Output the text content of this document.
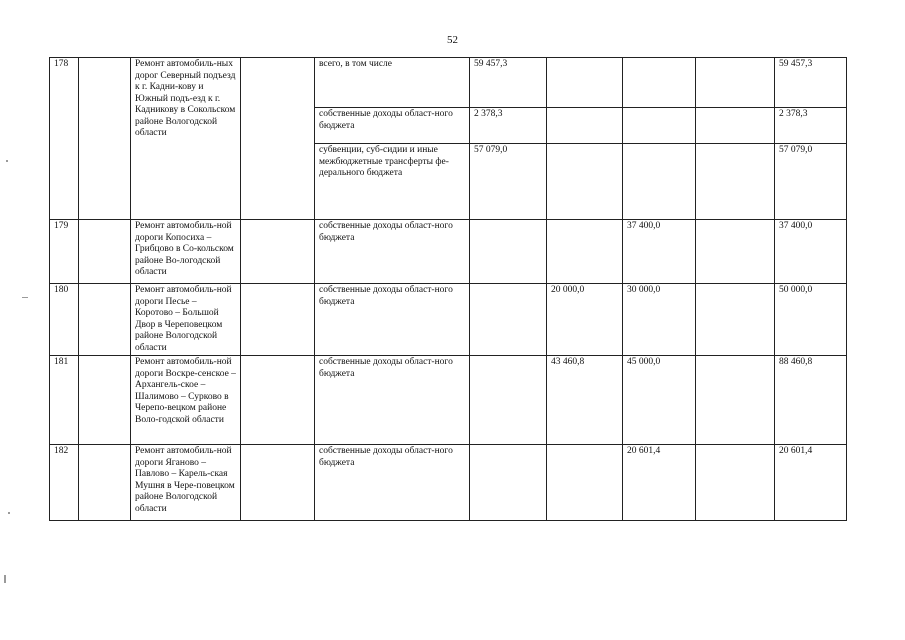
52
178		Ремонт автомобиль-ных дорог Северный подъезд к г. Кадни-кову и Южный подъ-езд к г. Кадникову в Сокольском районе Вологодской области		всего, в том числе	59 457,3				59 457,3
				собственные доходы област-ного бюджета	2 378,3				2 378,3
				субвенции, суб-сидии и иные межбюджетные трансферты фе-дерального бюджета	57 079,0				57 079,0
179		Ремонт автомобиль-ной дороги Копосиха – Грибцово в Со-кольском районе Во-логодской области		собственные доходы област-ного бюджета			37 400,0		37 400,0
180		Ремонт автомобиль-ной дороги Песье – Коротово – Большой Двор в Череповецком районе Вологодской области		собственные доходы област-ного бюджета		20 000,0	30 000,0		50 000,0
181		Ремонт автомобиль-ной дороги Воскре-сенское – Архангель-ское – Шалимово – Сурково в Черепо-вецком районе Воло-годской области		собственные доходы област-ного бюджета		43 460,8	45 000,0		88 460,8
182		Ремонт автомобиль-ной дороги Яганово – Павлово – Карель-ская Мушня в Чере-повецком районе Вологодской области		собственные доходы област-ного бюджета			20 601,4		20 601,4
